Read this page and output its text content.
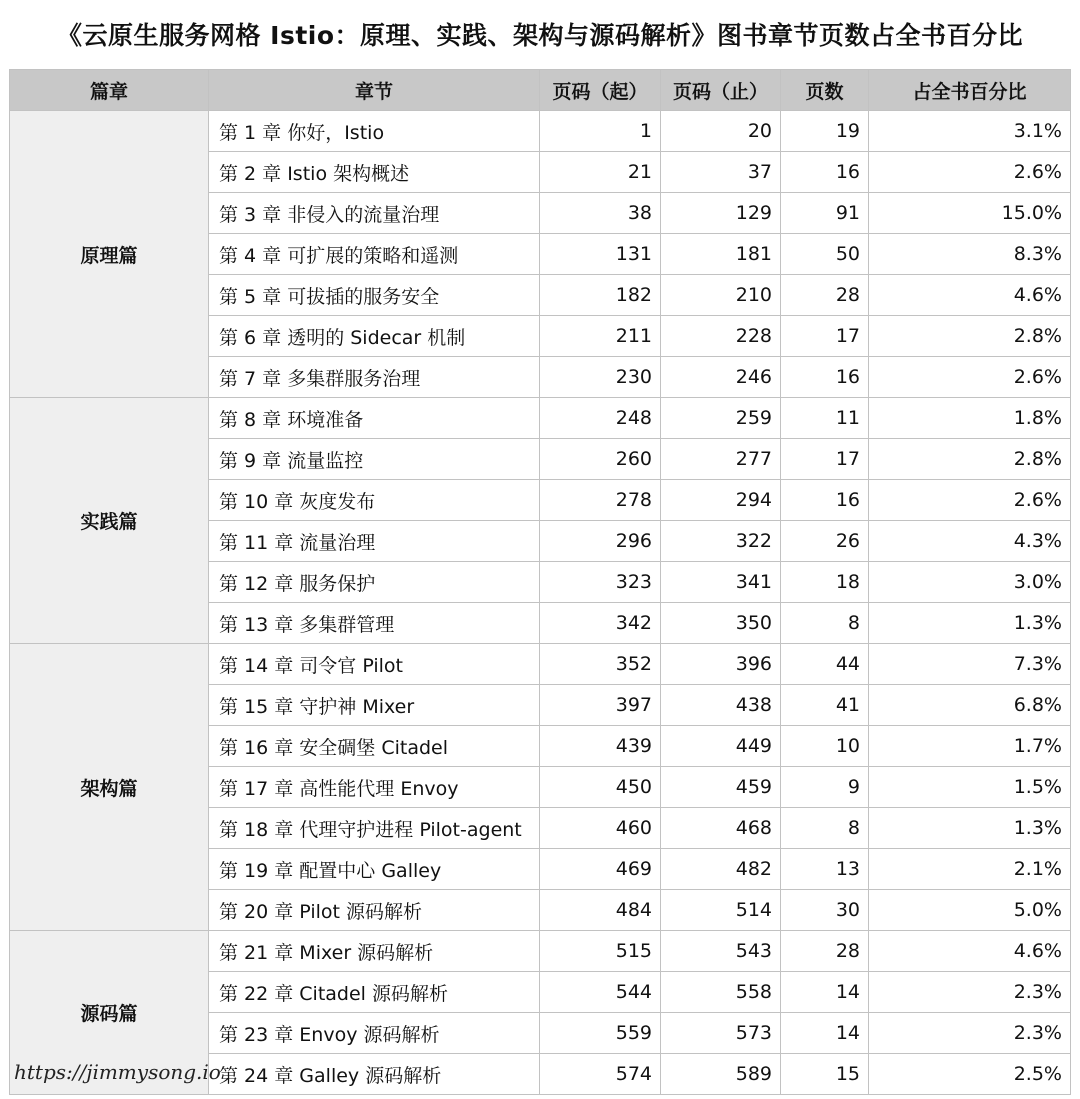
《云原生服务网格 Istio：原理、实践、架构与源码解析》图书章节页数占全书百分比
篇章	章节	页码（起）	页码（止）	页数	占全书百分比
原理篇	第 1 章 你好，Istio	1	20	19	3.1%
	第 2 章 Istio 架构概述	21	37	16	2.6%
	第 3 章 非侵入的流量治理	38	129	91	15.0%
	第 4 章 可扩展的策略和遥测	131	181	50	8.3%
	第 5 章 可拔插的服务安全	182	210	28	4.6%
	第 6 章 透明的 Sidecar 机制	211	228	17	2.8%
	第 7 章 多集群服务治理	230	246	16	2.6%
实践篇	第 8 章 环境准备	248	259	11	1.8%
	第 9 章 流量监控	260	277	17	2.8%
	第 10 章 灰度发布	278	294	16	2.6%
	第 11 章 流量治理	296	322	26	4.3%
	第 12 章 服务保护	323	341	18	3.0%
	第 13 章 多集群管理	342	350	8	1.3%
架构篇	第 14 章 司令官 Pilot	352	396	44	7.3%
	第 15 章 守护神 Mixer	397	438	41	6.8%
	第 16 章 安全碉堡 Citadel	439	449	10	1.7%
	第 17 章 高性能代理 Envoy	450	459	9	1.5%
	第 18 章 代理守护进程 Pilot-agent	460	468	8	1.3%
	第 19 章 配置中心 Galley	469	482	13	2.1%
	第 20 章 Pilot 源码解析	484	514	30	5.0%
源码篇	第 21 章 Mixer 源码解析	515	543	28	4.6%
	第 22 章 Citadel 源码解析	544	558	14	2.3%
	第 23 章 Envoy 源码解析	559	573	14	2.3%
	第 24 章 Galley 源码解析	574	589	15	2.5%
https://jimmysong.io
